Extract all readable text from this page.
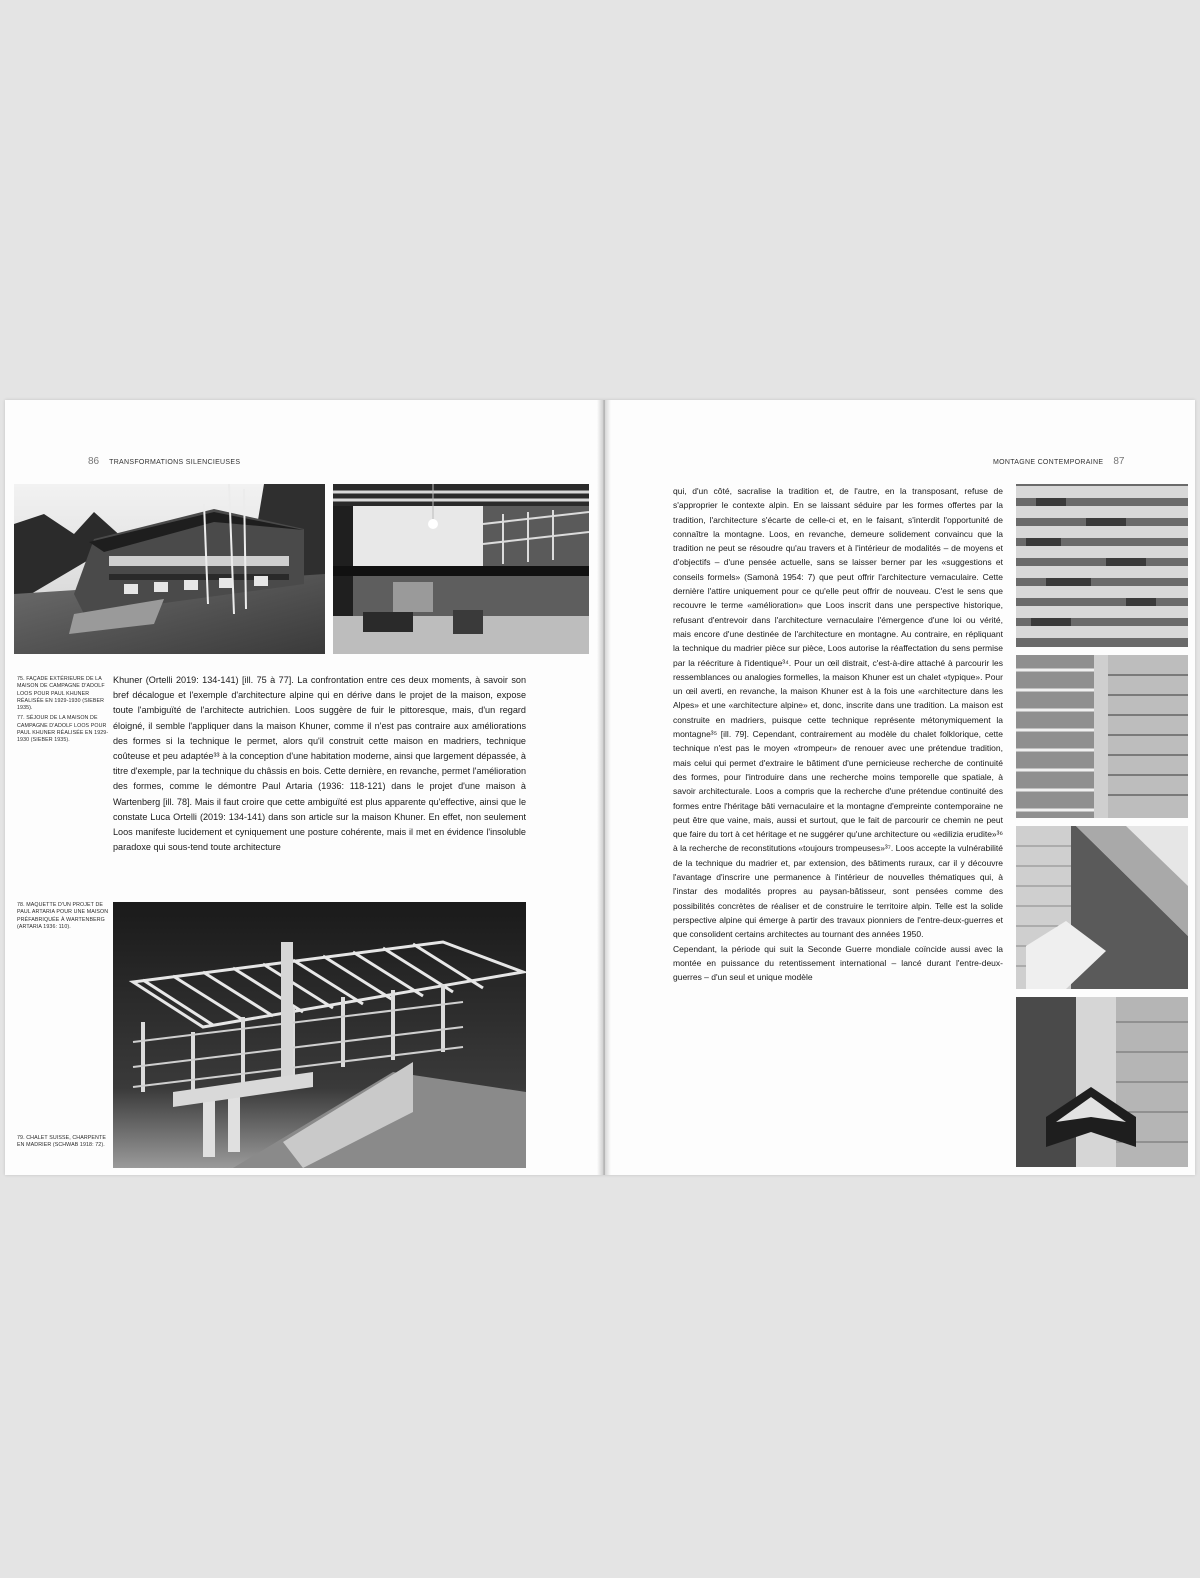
86 TRANSFORMATIONS SILENCIEUSES

75. FAÇADE EXTÉRIEURE DE LA MAISON DE CAMPAGNE D'ADOLF LOOS POUR PAUL KHUNER RÉALISÉE EN 1929-1930 (SIEBER 1935).

77. SÉJOUR DE LA MAISON DE CAMPAGNE D'ADOLF LOOS POUR PAUL KHUNER RÉALISÉE EN 1929-1930 (SIEBER 1935).

Khuner (Ortelli 2019: 134-141) [ill. 75 à 77]. La confrontation entre ces deux moments, à savoir son bref décalogue et l'exemple d'architecture alpine qui en dérive dans le projet de la maison, expose toute l'ambiguïté de l'architecte autrichien. Loos suggère de fuir le pittoresque, mais, d'un regard éloigné, il semble l'appliquer dans la maison Khuner, comme il n'est pas contraire aux améliorations des formes si la technique le permet, alors qu'il construit cette maison en madriers, technique coûteuse et peu adaptée³³ à la conception d'une habitation moderne, ainsi que largement dépassée, à titre d'exemple, par la technique du châssis en bois. Cette dernière, en revanche, permet l'amélioration des formes, comme le démontre Paul Artaria (1936: 118-121) dans le projet d'une maison à Wartenberg [ill. 78]. Mais il faut croire que cette ambiguïté est plus apparente qu'effective, ainsi que le constate Luca Ortelli (2019: 134-141) dans son article sur la maison Khuner. En effet, non seulement Loos manifeste lucidement et cyniquement une posture cohérente, mais il met en évidence l'insoluble paradoxe qui sous-tend toute architecture

78. MAQUETTE D'UN PROJET DE PAUL ARTARIA POUR UNE MAISON PRÉFABRIQUÉE À WARTENBERG (ARTARIA 1936: 110).

79. CHALET SUISSE, CHARPENTE EN MADRIER (SCHWAB 1918: 72).

MONTAGNE CONTEMPORAINE 87

qui, d'un côté, sacralise la tradition et, de l'autre, en la transposant, refuse de s'approprier le contexte alpin. En se laissant séduire par les formes offertes par la tradition, l'architecture s'écarte de celle-ci et, en le faisant, s'interdit l'opportunité de connaître la montagne. Loos, en revanche, demeure solidement convaincu que la tradition ne peut se résoudre qu'au travers et à l'intérieur de modalités – de moyens et d'objectifs – d'une pensée actuelle, sans se laisser berner par les «suggestions et conseils formels» (Samonà 1954: 7) que peut offrir l'architecture vernaculaire. Cette dernière l'attire uniquement pour ce qu'elle peut offrir de nouveau. C'est le sens que recouvre le terme «amélioration» que Loos inscrit dans une perspective historique, refusant d'entrevoir dans l'architecture vernaculaire l'émergence d'une loi ou vérité, mais encore d'une destinée de l'architecture en montagne. Au contraire, en répliquant la technique du madrier pièce sur pièce, Loos autorise la réaffectation du sens permise par la réécriture à l'identique³⁴. Pour un œil distrait, c'est-à-dire attaché à parcourir les ressemblances ou analogies formelles, la maison Khuner est un chalet «typique». Pour un œil averti, en revanche, la maison Khuner est à la fois une «architecture dans les Alpes» et une «architecture alpine» et, donc, inscrite dans une tradition. La maison est construite en madriers, puisque cette technique représente métonymiquement la montagne³⁵ [ill. 79]. Cependant, contrairement au modèle du chalet folklorique, cette technique n'est pas le moyen «trompeur» de renouer avec une prétendue tradition, mais celui qui permet d'extraire le bâtiment d'une pernicieuse recherche de continuité des formes, pour l'introduire dans une recherche moins temporelle que spatiale, à savoir architecturale. Loos a compris que la recherche d'une prétendue continuité des formes entre l'héritage bâti vernaculaire et la montagne d'empreinte contemporaine ne peut être que vaine, mais, aussi et surtout, que le fait de parcourir ce chemin ne peut que faire du tort à cet héritage et ne suggérer qu'une architecture ou «edilizia erudite»³⁶ à la recherche de reconstitutions «toujours trompeuses»³⁷. Loos accepte la vulnérabilité de la technique du madrier et, par extension, des bâtiments ruraux, car il y découvre l'avantage d'inscrire une permanence à l'intérieur de nouvelles thématiques qui, à l'instar des modalités propres au paysan-bâtisseur, sont pensées comme des possibilités concrètes de réaliser et de construire le territoire alpin. Telle est la solide perspective alpine qui émerge à partir des travaux pionniers de l'entre-deux-guerres et que consolident certains architectes au tournant des années 1950.

Cependant, la période qui suit la Seconde Guerre mondiale coïncide aussi avec la montée en puissance du retentissement international – lancé durant l'entre-deux-guerres – d'un seul et unique modèle
